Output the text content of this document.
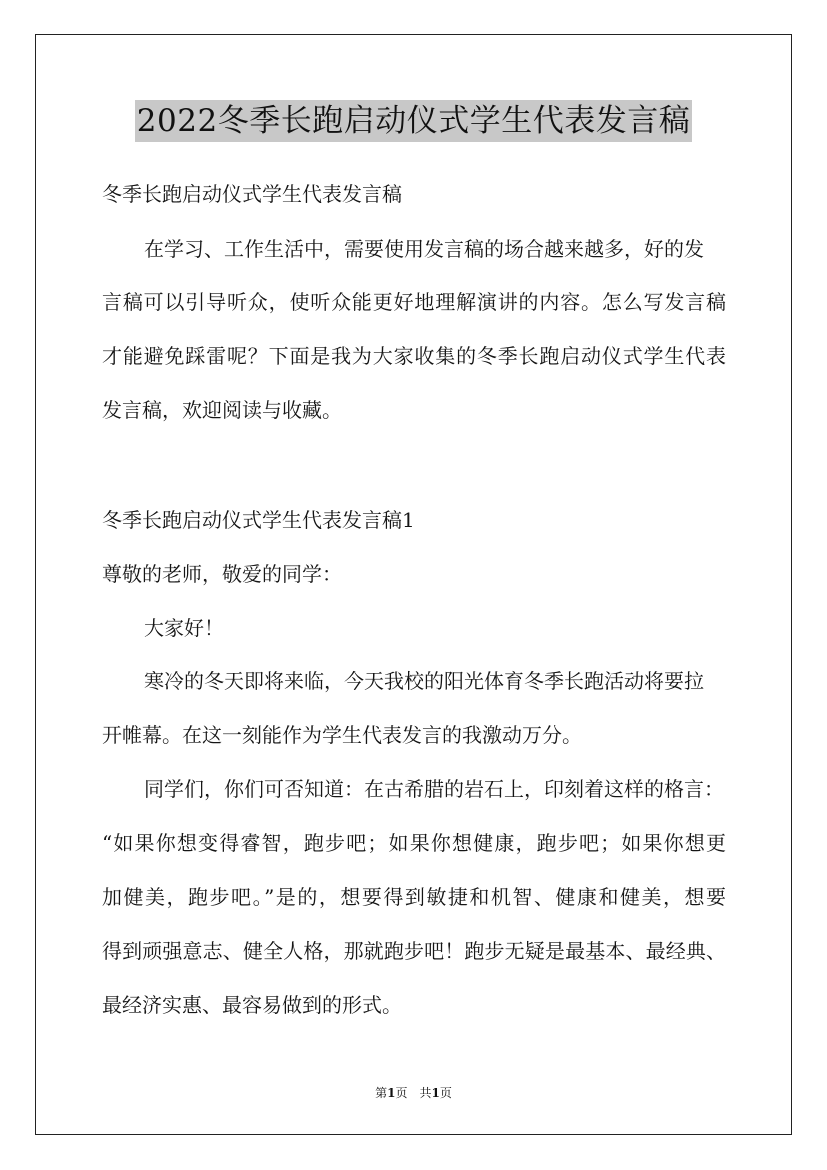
2022冬季长跑启动仪式学生代表发言稿
冬季长跑启动仪式学生代表发言稿
在学习、工作生活中，需要使用发言稿的场合越来越多，好的发
言稿可以引导听众，使听众能更好地理解演讲的内容。怎么写发言稿
才能避免踩雷呢？下面是我为大家收集的冬季长跑启动仪式学生代表
发言稿，欢迎阅读与收藏。
冬季长跑启动仪式学生代表发言稿1
尊敬的老师，敬爱的同学：
大家好！
寒冷的冬天即将来临，今天我校的阳光体育冬季长跑活动将要拉
开帷幕。在这一刻能作为学生代表发言的我激动万分。
同学们，你们可否知道：在古希腊的岩石上，印刻着这样的格言：
“如果你想变得睿智，跑步吧；如果你想健康，跑步吧；如果你想更
加健美，跑步吧。”是的，想要得到敏捷和机智、健康和健美，想要
得到顽强意志、健全人格，那就跑步吧！跑步无疑是最基本、最经典、
最经济实惠、最容易做到的形式。
第1页 共1页
